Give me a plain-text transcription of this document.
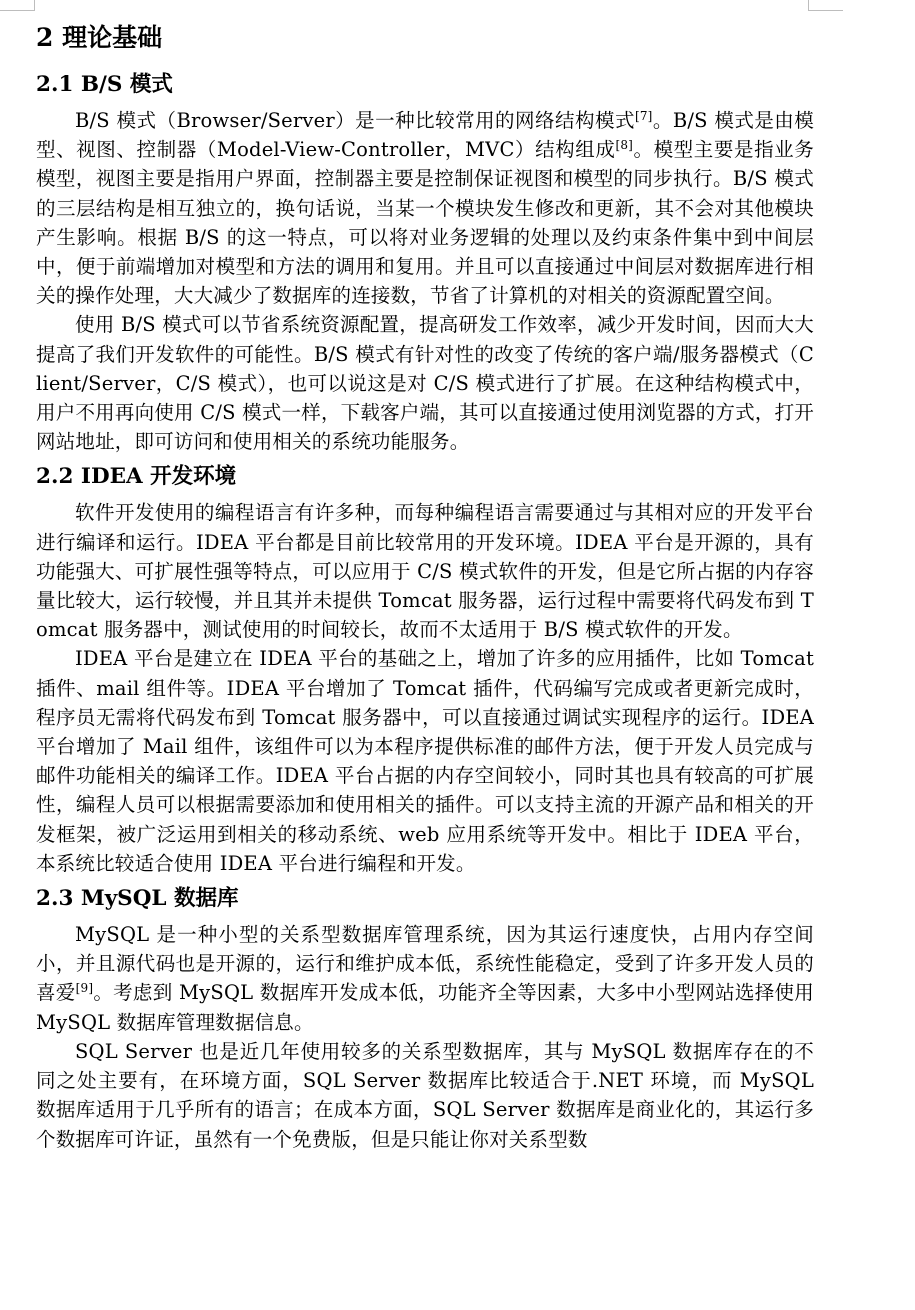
2 理论基础
2.1 B/S 模式

B/S 模式（Browser/Server）是一种比较常用的网络结构模式[7]。B/S 模式是由模型、视图、控制器（Model-View-Controller，MVC）结构组成[8]。模型主要是指业务模型，视图主要是指用户界面，控制器主要是控制保证视图和模型的同步执行。B/S 模式的三层结构是相互独立的，换句话说，当某一个模块发生修改和更新，其不会对其他模块产生影响。根据 B/S 的这一特点，可以将对业务逻辑的处理以及约束条件集中到中间层中，便于前端增加对模型和方法的调用和复用。并且可以直接通过中间层对数据库进行相关的操作处理，大大减少了数据库的连接数，节省了计算机的对相关的资源配置空间。

使用 B/S 模式可以节省系统资源配置，提高研发工作效率，减少开发时间，因而大大提高了我们开发软件的可能性。B/S 模式有针对性的改变了传统的客户端/服务器模式（Client/Server，C/S 模式），也可以说这是对 C/S 模式进行了扩展。在这种结构模式中，用户不用再向使用 C/S 模式一样，下载客户端，其可以直接通过使用浏览器的方式，打开网站地址，即可访问和使用相关的系统功能服务。

2.2 IDEA 开发环境

软件开发使用的编程语言有许多种，而每种编程语言需要通过与其相对应的开发平台进行编译和运行。IDEA 平台都是目前比较常用的开发环境。IDEA 平台是开源的，具有功能强大、可扩展性强等特点，可以应用于 C/S 模式软件的开发，但是它所占据的内存容量比较大，运行较慢，并且其并未提供 Tomcat 服务器，运行过程中需要将代码发布到 Tomcat 服务器中，测试使用的时间较长，故而不太适用于 B/S 模式软件的开发。

IDEA 平台是建立在 IDEA 平台的基础之上，增加了许多的应用插件，比如 Tomcat 插件、mail 组件等。IDEA 平台增加了 Tomcat 插件，代码编写完成或者更新完成时，程序员无需将代码发布到 Tomcat 服务器中，可以直接通过调试实现程序的运行。IDEA 平台增加了 Mail 组件，该组件可以为本程序提供标准的邮件方法，便于开发人员完成与邮件功能相关的编译工作。IDEA 平台占据的内存空间较小，同时其也具有较高的可扩展性，编程人员可以根据需要添加和使用相关的插件。可以支持主流的开源产品和相关的开发框架，被广泛运用到相关的移动系统、web 应用系统等开发中。相比于 IDEA 平台，本系统比较适合使用 IDEA 平台进行编程和开发。

2.3 MySQL 数据库

MySQL 是一种小型的关系型数据库管理系统，因为其运行速度快，占用内存空间小，并且源代码也是开源的，运行和维护成本低，系统性能稳定，受到了许多开发人员的喜爱[9]。考虑到 MySQL 数据库开发成本低，功能齐全等因素，大多中小型网站选择使用 MySQL 数据库管理数据信息。

SQL Server 也是近几年使用较多的关系型数据库，其与 MySQL 数据库存在的不同之处主要有，在环境方面，SQL Server 数据库比较适合于.NET 环境，而 MySQL 数据库适用于几乎所有的语言；在成本方面，SQL Server 数据库是商业化的，其运行多个数据库可许证，虽然有一个免费版，但是只能让你对关系型数
